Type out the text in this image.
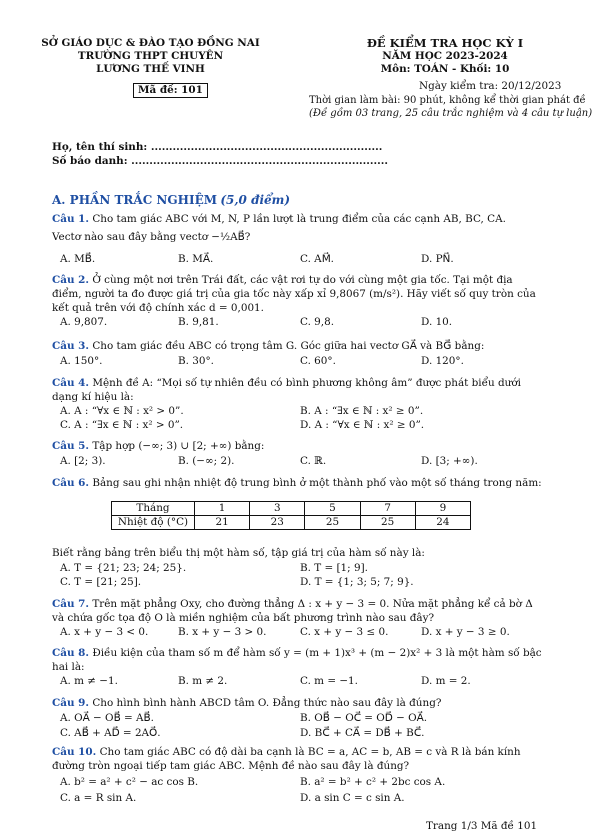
SỞ GIÁO DỤC & ĐÀO TẠO ĐỒNG NAI
TRƯỜNG THPT CHUYÊN
LƯƠNG THẾ VINH
Mã đề: 101
ĐỀ KIỂM TRA HỌC KỲ I
NĂM HỌC 2023-2024
Môn: TOÁN - Khối: 10
Ngày kiểm tra: 20/12/2023
Thời gian làm bài: 90 phút, không kể thời gian phát đề
(Đề gồm 03 trang, 25 câu trắc nghiệm và 4 câu tự luận)
Họ, tên thí sinh: ................................................................
Số báo danh: .......................................................................
A. PHẦN TRẮC NGHIỆM (5,0 điểm)
Câu 1. Cho tam giác ABC với M, N, P lần lượt là trung điểm của các cạnh AB, BC, CA.
Vectơ nào sau đây bằng vectơ −½AB⃗?
A. MB⃗.	B. MA⃗.	C. AM⃗.	D. PN⃗.
Câu 2. Ở cùng một nơi trên Trái đất, các vật rơi tự do với cùng một gia tốc. Tại một địa
điểm, người ta đo được giá trị của gia tốc này xấp xỉ 9,8067 (m/s²). Hãy viết số quy tròn của
kết quả trên với độ chính xác d = 0,001.
A. 9,807.	B. 9,81.	C. 9,8.	D. 10.
Câu 3. Cho tam giác đều ABC có trọng tâm G. Góc giữa hai vectơ GA⃗ và BG⃗ bằng:
A. 150°.	B. 30°.	C. 60°.	D. 120°.
Câu 4. Mệnh đề A: “Mọi số tự nhiên đều có bình phương không âm” được phát biểu dưới
dạng kí hiệu là:
A. A : “∀x ∈ ℕ : x² > 0”.	B. A : “∃x ∈ ℕ : x² ≥ 0”.
C. A : “∃x ∈ ℕ : x² > 0”.	D. A : “∀x ∈ ℕ : x² ≥ 0”.
Câu 5. Tập hợp (−∞; 3) ∪ [2; +∞) bằng:
A. [2; 3).	B. (−∞; 2).	C. ℝ.	D. [3; +∞).
Câu 6. Bảng sau ghi nhận nhiệt độ trung bình ở một thành phố vào một số tháng trong năm:
Tháng	1	3	5	7	9
Nhiệt độ (°C)	21	23	25	25	24
Biết rằng bảng trên biểu thị một hàm số, tập giá trị của hàm số này là:
A. T = {21; 23; 24; 25}.	B. T = [1; 9].
C. T = [21; 25].	D. T = {1; 3; 5; 7; 9}.
Câu 7. Trên mặt phẳng Oxy, cho đường thẳng Δ : x + y − 3 = 0. Nửa mặt phẳng kể cả bờ Δ
và chứa gốc tọa độ O là miền nghiệm của bất phương trình nào sau đây?
A. x + y − 3 < 0.	B. x + y − 3 > 0.	C. x + y − 3 ≤ 0.	D. x + y − 3 ≥ 0.
Câu 8. Điều kiện của tham số m để hàm số y = (m + 1)x³ + (m − 2)x² + 3 là một hàm số bậc
hai là:
A. m ≠ −1.	B. m ≠ 2.	C. m = −1.	D. m = 2.
Câu 9. Cho hình bình hành ABCD tâm O. Đẳng thức nào sau đây là đúng?
A. OA⃗ − OB⃗ = AB⃗.	B. OB⃗ − OC⃗ = OD⃗ − OA⃗.
C. AB⃗ + AD⃗ = 2AO⃗.	D. BC⃗ + CA⃗ = DB⃗ + BC⃗.
Câu 10. Cho tam giác ABC có độ dài ba cạnh là BC = a, AC = b, AB = c và R là bán kính
đường tròn ngoại tiếp tam giác ABC. Mệnh đề nào sau đây là đúng?
A. b² = a² + c² − ac cos B.	B. a² = b² + c² + 2bc cos A.
C. a = R sin A.	D. a sin C = c sin A.
Trang 1/3 Mã đề 101
